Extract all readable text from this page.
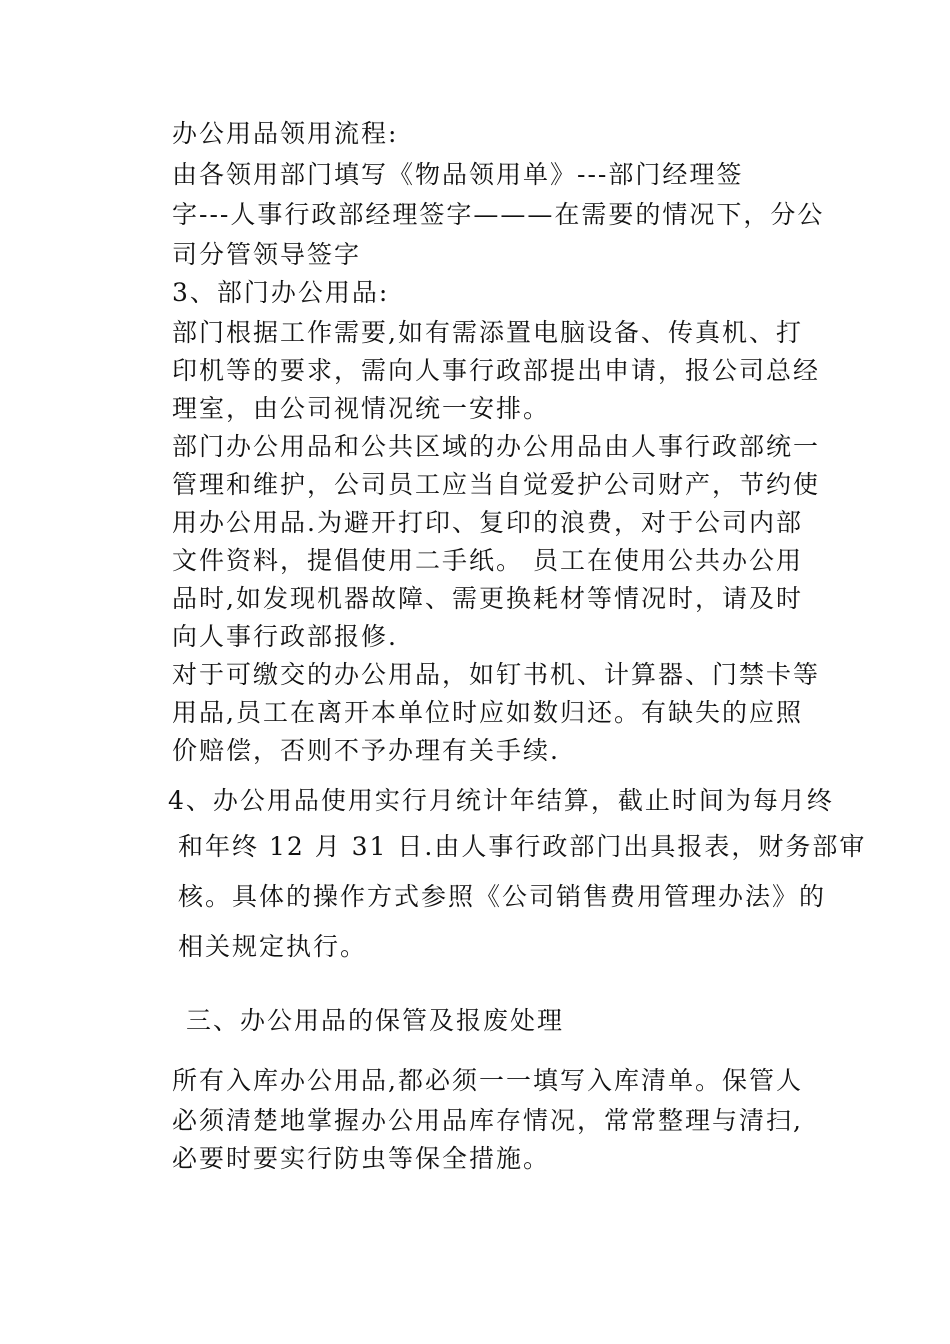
办公用品领用流程:
由各领用部门填写《物品领用单》---部门经理签
字---人事行政部经理签字———在需要的情况下，分公
司分管领导签字
3、部门办公用品:
部门根据工作需要,如有需添置电脑设备、传真机、打
印机等的要求，需向人事行政部提出申请，报公司总经
理室，由公司视情况统一安排。
部门办公用品和公共区域的办公用品由人事行政部统一
管理和维护，公司员工应当自觉爱护公司财产，节约使
用办公用品.为避开打印、复印的浪费，对于公司内部
文件资料，提倡使用二手纸。 员工在使用公共办公用
品时,如发现机器故障、需更换耗材等情况时，请及时
向人事行政部报修.
对于可缴交的办公用品，如钉书机、计算器、门禁卡等
用品,员工在离开本单位时应如数归还。有缺失的应照
价赔偿，否则不予办理有关手续.
4、办公用品使用实行月统计年结算，截止时间为每月终
和年终 12 月 31 日.由人事行政部门出具报表，财务部审
核。具体的操作方式参照《公司销售费用管理办法》的
相关规定执行。
三、办公用品的保管及报废处理
所有入库办公用品,都必须一一填写入库清单。保管人
必须清楚地掌握办公用品库存情况，常常整理与清扫,
必要时要实行防虫等保全措施。
